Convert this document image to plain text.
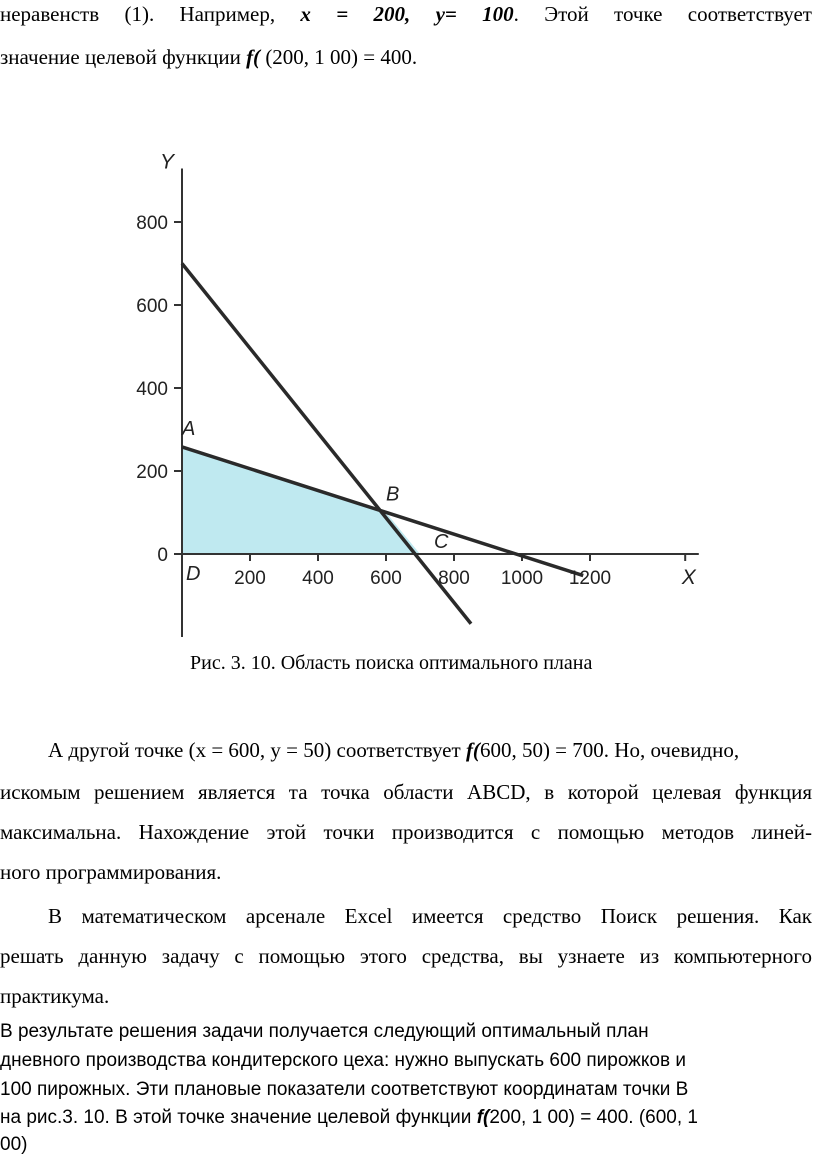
неравенств (1). Например, x = 200, y= 100. Этой точке соответствует
значение целевой функции f( (200, 1 00) = 400.
0
200
400
600
800
200 400 600 800 1000 1200
Y
X
A
B
C
D
Рис. 3. 10. Область поиска оптимального плана
А другой точке (x = 600, у = 50) соответствует f(600, 50) = 700. Но, очевидно,
искомым решением является та точка области ABCD, в которой целевая функция
максимальна. Нахождение этой точки производится с помощью методов линей-
ного программирования.
В математическом арсенале Excel имеется средство Поиск решения. Как
решать данную задачу с помощью этого средства, вы узнаете из компьютерного
практикума.
В результате решения задачи получается следующий оптимальный план
дневного производства кондитерского цеха: нужно выпускать 600 пирожков и
100 пирожных. Эти плановые показатели соответствуют координатам точки В
на рис.3. 10. В этой точке значение целевой функции f(200, 1 00) = 400. (600, 1
00)
